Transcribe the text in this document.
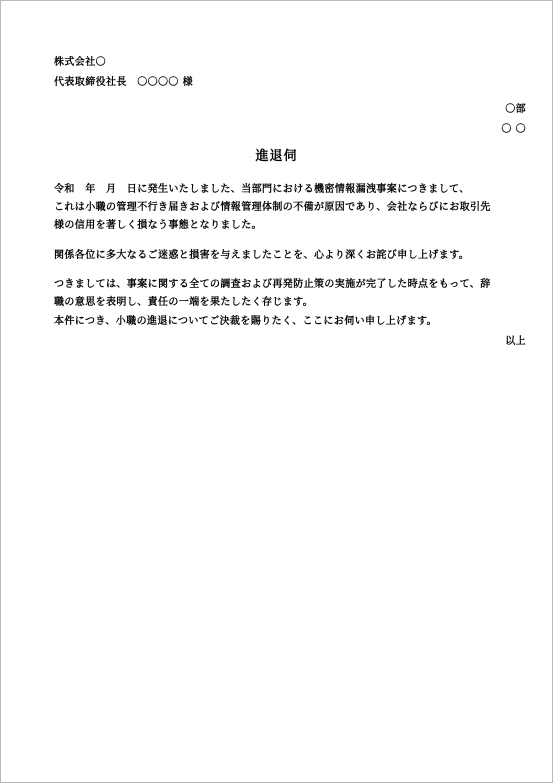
株式会社〇
代表取締役社長　〇〇〇〇 様
〇部
〇 〇
進退伺
令和　年　月　日に発生いたしました、当部門における機密情報漏洩事案につきまして、
これは小職の管理不行き届きおよび情報管理体制の不備が原因であり、会社ならびにお取引先
様の信用を著しく損なう事態となりました。
関係各位に多大なるご迷惑と損害を与えましたことを、心より深くお詫び申し上げます。
つきましては、事案に関する全ての調査および再発防止策の実施が完了した時点をもって、辞
職の意思を表明し、責任の一端を果たしたく存じます。
本件につき、小職の進退についてご決裁を賜りたく、ここにお伺い申し上げます。
以上
